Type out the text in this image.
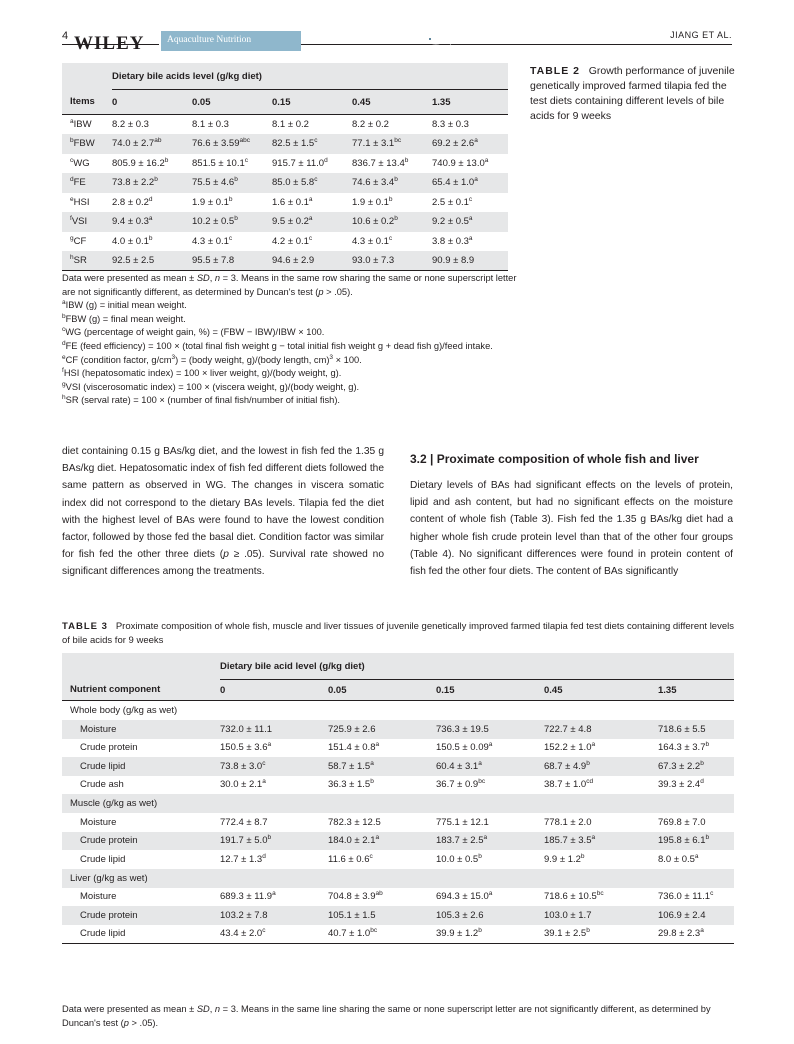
4 WILEY Aquaculture Nutrition	JIANG ET AL.
	Dietary bile acids level (g/kg diet)				
Items	0	0.05	0.15	0.45	1.35
$^a$IBW	8.2 ± 0.3	8.1 ± 0.3	8.1 ± 0.2	8.2 ± 0.2	8.3 ± 0.3
$^b$FBW	74.0 ± 2.7$^{ab}$	76.6 ± 3.59$^{abc}$	82.5 ± 1.5$^c$	77.1 ± 3.1$^{bc}$	69.2 ± 2.6$^a$
$^c$WG	805.9 ± 16.2$^b$	851.5 ± 10.1$^c$	915.7 ± 11.0$^d$	836.7 ± 13.4$^b$	740.9 ± 13.0$^a$
$^d$FE	73.8 ± 2.2$^b$	75.5 ± 4.6$^b$	85.0 ± 5.8$^c$	74.6 ± 3.4$^b$	65.4 ± 1.0$^a$
$^e$HSI	2.8 ± 0.2$^d$	1.9 ± 0.1$^b$	1.6 ± 0.1$^a$	1.9 ± 0.1$^b$	2.5 ± 0.1$^c$
$^f$VSI	9.4 ± 0.3$^a$	10.2 ± 0.5$^b$	9.5 ± 0.2$^a$	10.6 ± 0.2$^b$	9.2 ± 0.5$^a$
$^g$CF	4.0 ± 0.1$^b$	4.3 ± 0.1$^c$	4.2 ± 0.1$^c$	4.3 ± 0.1$^c$	3.8 ± 0.3$^a$
$^h$SR	92.5 ± 2.5	95.5 ± 7.8	94.6 ± 2.9	93.0 ± 7.3	90.9 ± 8.9
TABLE 2 Growth performance of juvenile genetically improved farmed tilapia fed the test diets containing different levels of bile acids for 9 weeks

Data were presented as mean ± SD, n = 3. Means in the same row sharing the same or none superscript letter are not significantly different, as determined by Duncan's test (p > .05).

$^a$IBW (g) = initial mean weight.

$^b$FBW (g) = final mean weight.

$^c$WG (percentage of weight gain, %) = (FBW − IBW)/IBW × 100.

$^d$FE (feed efficiency) = 100 × (total final fish weight g − total initial fish weight g + dead fish g)/feed intake.

$^e$CF (condition factor, $g/cm^3$) = (body weight, g)/(body length, cm)$^3$ × 100.

$^f$HSI (hepatosomatic index) = 100 × liver weight, g)/(body weight, g).

$^g$VSI (viscerosomatic index) = 100 × (viscera weight, g)/(body weight, g).

$^h$SR (serval rate) = 100 × (number of final fish/number of initial fish).

diet containing 0.15 g BAs/kg diet, and the lowest in fish fed the 1.35 g BAs/kg diet. Hepatosomatic index of fish fed different diets followed the same pattern as observed in WG. The changes in viscera somatic index did not correspond to the dietary BAs levels. Tilapia fed the diet with the highest level of BAs were found to have the lowest condition factor, followed by those fed the basal diet. Condition factor was similar for fish fed the other three diets (p ≥ .05). Survival rate showed no significant differences among the treatments.
3.2 | Proximate composition of whole fish and liver
Dietary levels of BAs had significant effects on the levels of protein, lipid and ash content, but had no significant effects on the moisture content of whole fish (Table 3). Fish fed the 1.35 g BAs/kg diet had a higher whole fish crude protein level than that of the other four groups (Table 4). No significant differences were found in protein content of fish fed the other four diets. The content of BAs significantly
TABLE 3 Proximate composition of whole fish, muscle and liver tissues of juvenile genetically improved farmed tilapia fed test diets containing different levels of bile acids for 9 weeks
	Dietary bile acid level (g/kg diet)				
Nutrient component	0	0.05	0.15	0.45	1.35
Whole body (g/kg as wet)					
Moisture	732.0 ± 11.1	725.9 ± 2.6	736.3 ± 19.5	722.7 ± 4.8	718.6 ± 5.5
Crude protein	150.5 ± 3.6$^a$	151.4 ± 0.8$^a$	150.5 ± 0.09$^a$	152.2 ± 1.0$^a$	164.3 ± 3.7$^b$
Crude lipid	73.8 ± 3.0$^c$	58.7 ± 1.5$^a$	60.4 ± 3.1$^a$	68.7 ± 4.9$^b$	67.3 ± 2.2$^b$
Crude ash	30.0 ± 2.1$^a$	36.3 ± 1.5$^b$	36.7 ± 0.9$^{bc}$	38.7 ± 1.0$^{cd}$	39.3 ± 2.4$^d$
Muscle (g/kg as wet)					
Moisture	772.4 ± 8.7	782.3 ± 12.5	775.1 ± 12.1	778.1 ± 2.0	769.8 ± 7.0
Crude protein	191.7 ± 5.0$^b$	184.0 ± 2.1$^a$	183.7 ± 2.5$^a$	185.7 ± 3.5$^a$	195.8 ± 6.1$^b$
Crude lipid	12.7 ± 1.3$^d$	11.6 ± 0.6$^c$	10.0 ± 0.5$^b$	9.9 ± 1.2$^b$	8.0 ± 0.5$^a$
Liver (g/kg as wet)					
Moisture	689.3 ± 11.9$^a$	704.8 ± 3.9$^{ab}$	694.3 ± 15.0$^a$	718.6 ± 10.5$^{bc}$	736.0 ± 11.1$^c$
Crude protein	103.2 ± 7.8	105.1 ± 1.5	105.3 ± 2.6	103.0 ± 1.7	106.9 ± 2.4
Crude lipid	43.4 ± 2.0$^c$	40.7 ± 1.0$^{bc}$	39.9 ± 1.2$^b$	39.1 ± 2.5$^b$	29.8 ± 2.3$^a$

Data were presented as mean ± SD, n = 3. Means in the same line sharing the same or none superscript letter are not significantly different, as determined by Duncan's test (p > .05).
